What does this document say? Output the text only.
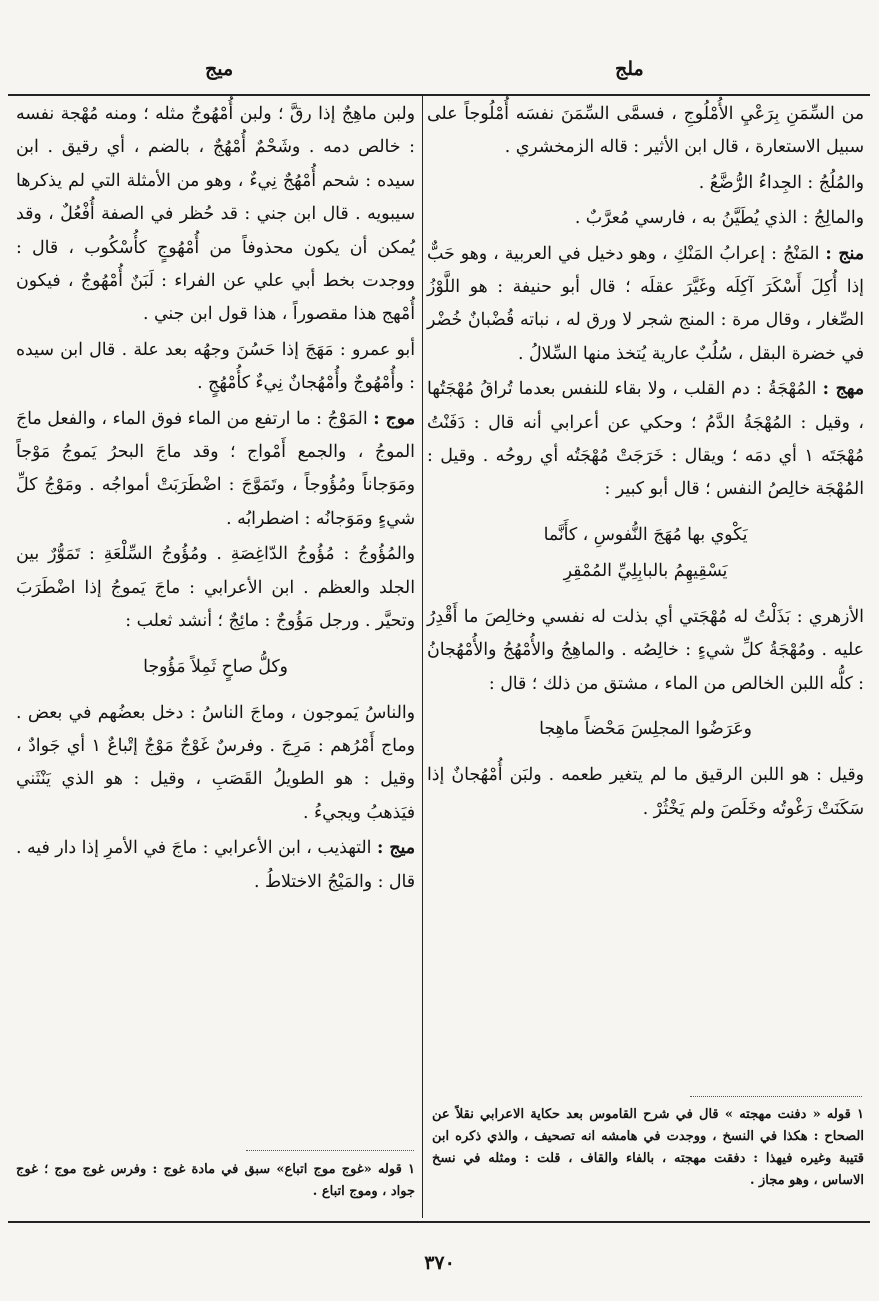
ملج
ميج
من السِّمَنِ بِرَعْيِ الأُمْلُوجِ ، فسمَّى السِّمَنَ نفسَه أُمْلُوجاً على سبيل الاستعارة ، قال ابن الأثير : قاله الزمخشري .
والمُلُجُ : الجِداءُ الرُّضَّعُ .
والمالِجُ : الذي يُطَيَّنُ به ، فارسي مُعرَّبٌ .
منج : المَنْجُ : إعرابُ المَنْكِ ، وهو دخيل في العربية ، وهو حَبٌّ إذا أُكِلَ أَسْكَرَ آكِلَه وغَيَّرَ عقلَه ؛ قال أبو حنيفة : هو اللَّوْزُ الصِّغار ، وقال مرة : المنج شجر لا ورق له ، نباته قُضْبانٌ خُضْر في خضرة البقل ، سُلُبٌ عارية يُتخذ منها السِّلالُ .
مهج : المُهْجَةُ : دم القلب ، ولا بقاء للنفس بعدما تُراقُ مُهْجَتُها ، وقيل : المُهْجَةُ الدَّمُ ؛ وحكي عن أعرابي أنه قال : دَفَنْتُ مُهْجَتَه ١ أي دمَه ؛ ويقال : خَرَجَتْ مُهْجَتُه أي روحُه . وقيل : المُهْجَة خالِصُ النفس ؛ قال أبو كبير :
يَكْوي بها مُهَجَ النُّفوسِ ، كأَنَّما
يَسْقِيهِمُ بالبابِلِيِّ المُمْقِرِ
الأزهري : بَذَلْتُ له مُهْجَتي أي بذلت له نفسي وخالِصَ ما أَقْدِرُ عليه . ومُهْجَةُ كلِّ شيءٍ : خالِصُه . والماهِجُ والأُمْهُجُ والأُمْهُجانُ : كلُّه اللبن الخالص من الماء ، مشتق من ذلك ؛ قال :
وعَرَضُوا المجلِسَ مَحْضاً ماهِجا
وقيل : هو اللبن الرقيق ما لم يتغير طعمه . ولبَن أُمْهُجانٌ إذا سَكَنَتْ رَغْوتُه وخَلَصَ ولم يَخْثُرْ .
١ قوله « دفنت مهجته » قال في شرح القاموس بعد حكاية الاعرابي نقلاً عن الصحاح : هكذا في النسخ ، ووجدت في هامشه انه تصحيف ، والذي ذكره ابن قتيبة وغيره فيهذا : دفقت مهجته ، بالفاء والقاف ، قلت : ومثله في نسخ الاساس ، وهو مجاز .
ولبن ماهِجٌ إذا رقَّ ؛ ولبن أُمْهُوجٌ مثله ؛ ومنه مُهْجة نفسه : خالص دمه . وشَحْمٌ أُمْهُجٌ ، بالضم ، أي رقيق . ابن سيده : شحم أُمْهُجٌ نِيءٌ ، وهو من الأمثلة التي لم يذكرها سيبويه . قال ابن جني : قد حُظر في الصفة أُفْعُلٌ ، وقد يُمكن أن يكون محذوفاً من أُمْهُوجٍ كأُسْكُوب ، قال : ووجدت بخط أبي علي عن الفراء : لَبَنٌ أُمْهُوجٌ ، فيكون أُمْهج هذا مقصوراً ، هذا قول ابن جني .
أبو عمرو : مَهَجَ إذا حَسُنَ وجهُه بعد علة . قال ابن سيده : وأُمْهُوجٌ وأُمْهُجانٌ نِيءٌ كأُمْهُجٍ .
موج : المَوْجُ : ما ارتفع من الماء فوق الماء ، والفعل ماجَ الموجُ ، والجمع أَمْواج ؛ وقد ماجَ البحرُ يَموجُ مَوْجاً ومَوَجاناً ومُؤُوجاً ، وتَمَوَّجَ : اضْطَرَبَتْ أمواجُه . ومَوْجُ كلِّ شيءٍ ومَوَجانُه : اضطرابُه .
والمُؤُوجُ : مُؤُوجُ الدّاغِصَةِ . ومُؤُوجُ السِّلْعَةِ : تَمَوُّرٌ بين الجلد والعظم . ابن الأعرابي : ماجَ يَموجُ إذا اضْطَرَبَ وتحيَّر . ورجل مَؤُوجٌ : مائِجٌ ؛ أنشد ثعلب :
وكلُّ صاحٍ ثَمِلاً مَؤُوجا
والناسُ يَموجون ، وماجَ الناسُ : دخل بعضُهم في بعض . وماج أَمْرُهم : مَرِجَ . وفرسٌ غَوْجٌ مَوْجٌ إتْباعٌ ١ أي جَوادٌ ، وقيل : هو الطويلُ القَصَبِ ، وقيل : هو الذي يَنْثَني فيَذهبُ ويجيءُ .
ميج : التهذيب ، ابن الأعرابي : ماجَ في الأمرِ إذا دار فيه . قال : والمَيْجُ الاختلاطُ .
١ قوله «غوج موج اتباع» سبق في مادة غوج : وفرس غوج موج ؛ غوج جواد ، وموج اتباع .
٣٧٠
